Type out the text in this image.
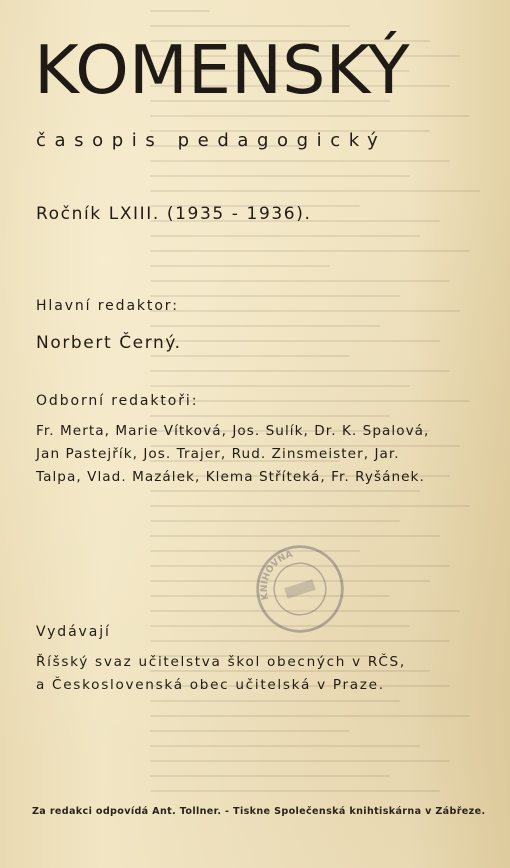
KOMENSKÝ
časopis pedagogický
Ročník LXIII. (1935 - 1936).
Hlavní redaktor:
Norbert Černý.
Odborní redaktoři:
Fr. Merta, Marie Vítková, Jos. Sulík, Dr. K. Spalová,
Jan Pastejřík, Jos. Trajer, Rud. Zinsmeister, Jar.
Talpa, Vlad. Mazálek, Klema Stříteká, Fr. Ryšánek.
KNIHOVNA
Vydávají
Říšský svaz učitelstva škol obecných v RČS,
a Československá obec učitelská v Praze.
Za redakci odpovídá Ant. Tollner. - Tiskne Společenská knihtiskárna v Zábřeze.
